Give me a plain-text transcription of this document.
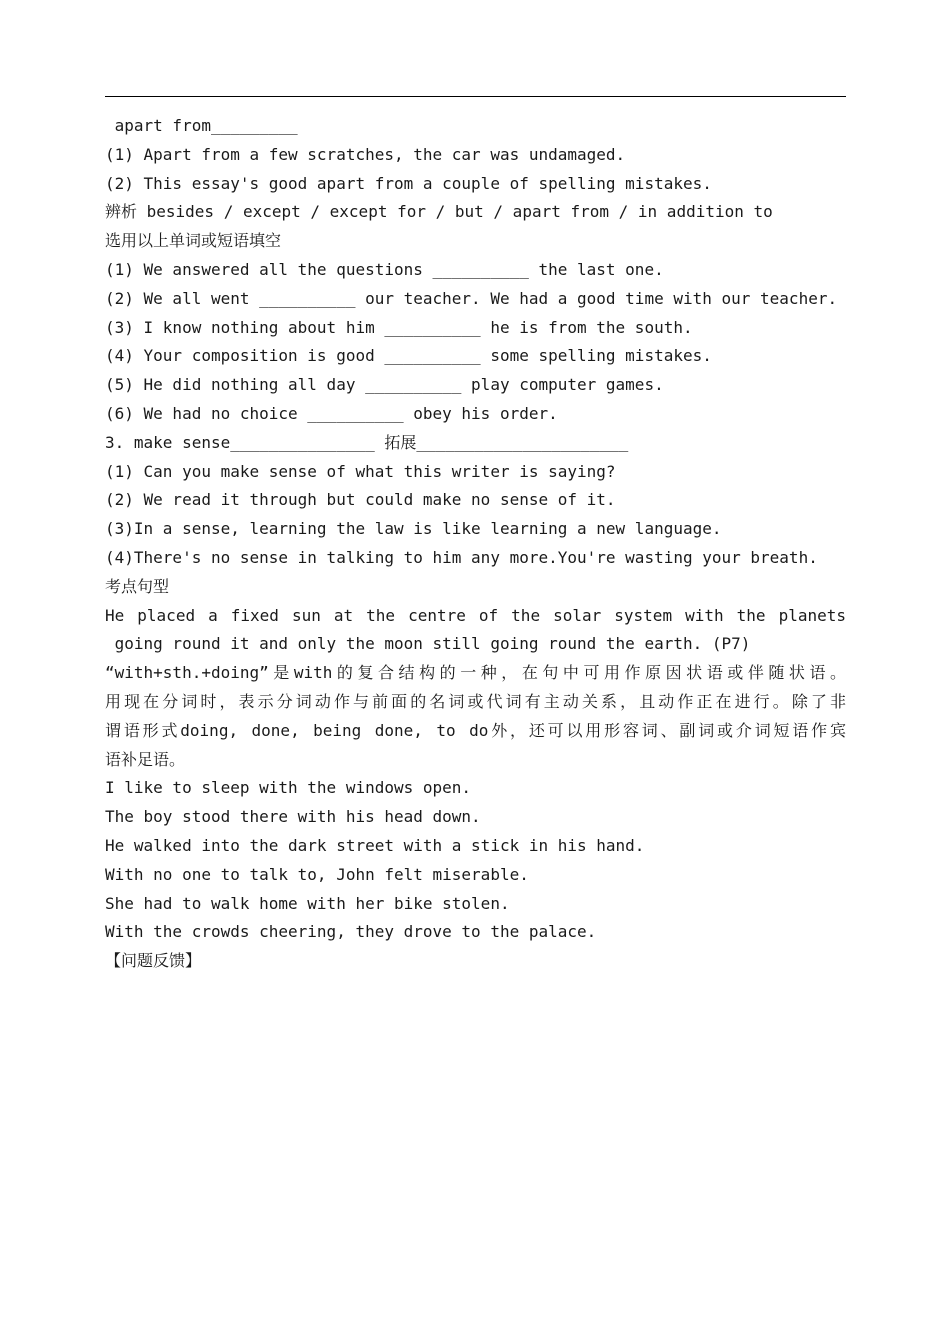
apart from_________
(1) Apart from a few scratches, the car was undamaged.
(2) This essay's good apart from a couple of spelling mistakes.
辨析 besides / except / except for / but / apart from / in addition to
选用以上单词或短语填空
(1) We answered all the questions __________ the last one.
(2) We all went __________ our teacher. We had a good time with our teacher.
(3) I know nothing about him __________ he is from the south.
(4) Your composition is good __________ some spelling mistakes.
(5) He did nothing all day __________ play computer games.
(6) We had no choice __________ obey his order.
3. make sense_______________ 拓展______________________
(1) Can you make sense of what this writer is saying?
(2) We read it through but could make no sense of it.
(3)In a sense, learning the law is like learning a new language.
(4)There's no sense in talking to him any more.You're wasting your breath.
考点句型
He placed a fixed sun at the centre of the solar system with the planets
going round it and only the moon still going round the earth. (P7)
“with+sth.+doing”是with的复合结构的一种，在句中可用作原因状语或伴随状语。
用现在分词时，表示分词动作与前面的名词或代词有主动关系，且动作正在进行。除了非
谓语形式doing, done, being done, to do外，还可以用形容词、副词或介词短语作宾
语补足语。
I like to sleep with the windows open.
The boy stood there with his head down.
He walked into the dark street with a stick in his hand.
With no one to talk to, John felt miserable.
She had to walk home with her bike stolen.
With the crowds cheering, they drove to the palace.
【问题反馈】
